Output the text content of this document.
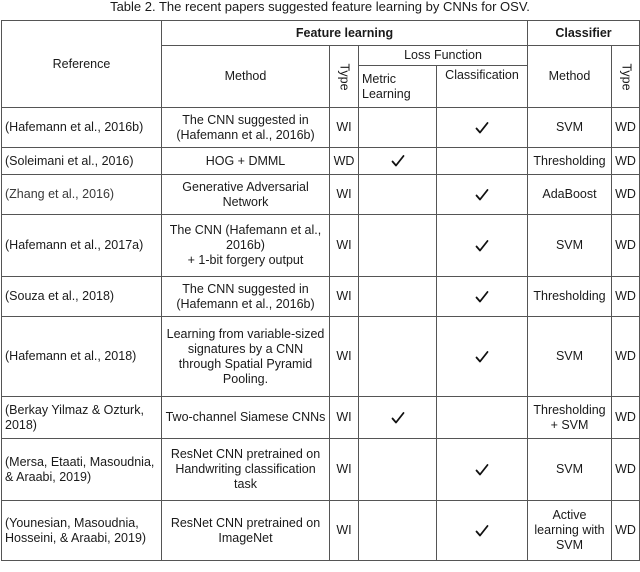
Table 2. The recent papers suggested feature learning by CNNs for OSV.
Reference	Feature learning				Classifier	
	Method	Type	Loss Function		Method	Type

			Metric Learning	Classification		
(Hafemann et al., 2016b)	The CNN suggested in (Hafemann et al., 2016b)	WI			SVM	WD
(Soleimani et al., 2016)	HOG + DMML	WD			Thresholding	WD
(Zhang et al., 2016)	Generative Adversarial Network	WI			AdaBoost	WD
(Hafemann et al., 2017a)	The CNN (Hafemann et al., 2016b)
+ 1-bit forgery output	WI			SVM	WD
(Souza et al., 2018)	The CNN suggested in (Hafemann et al., 2016b)	WI			Thresholding	WD
(Hafemann et al., 2018)	Learning from variable-sized signatures by a CNN through Spatial Pyramid Pooling.	WI			SVM	WD
(Berkay Yilmaz & Ozturk, 2018)	Two-channel Siamese CNNs	WI			Thresholding + SVM	WD
(Mersa, Etaati, Masoudnia, & Araabi, 2019)	ResNet CNN pretrained on Handwriting classification task	WI			SVM	WD
(Younesian, Masoudnia, Hosseini, & Araabi, 2019)	ResNet CNN pretrained on ImageNet	WI			Active learning with SVM	WD
